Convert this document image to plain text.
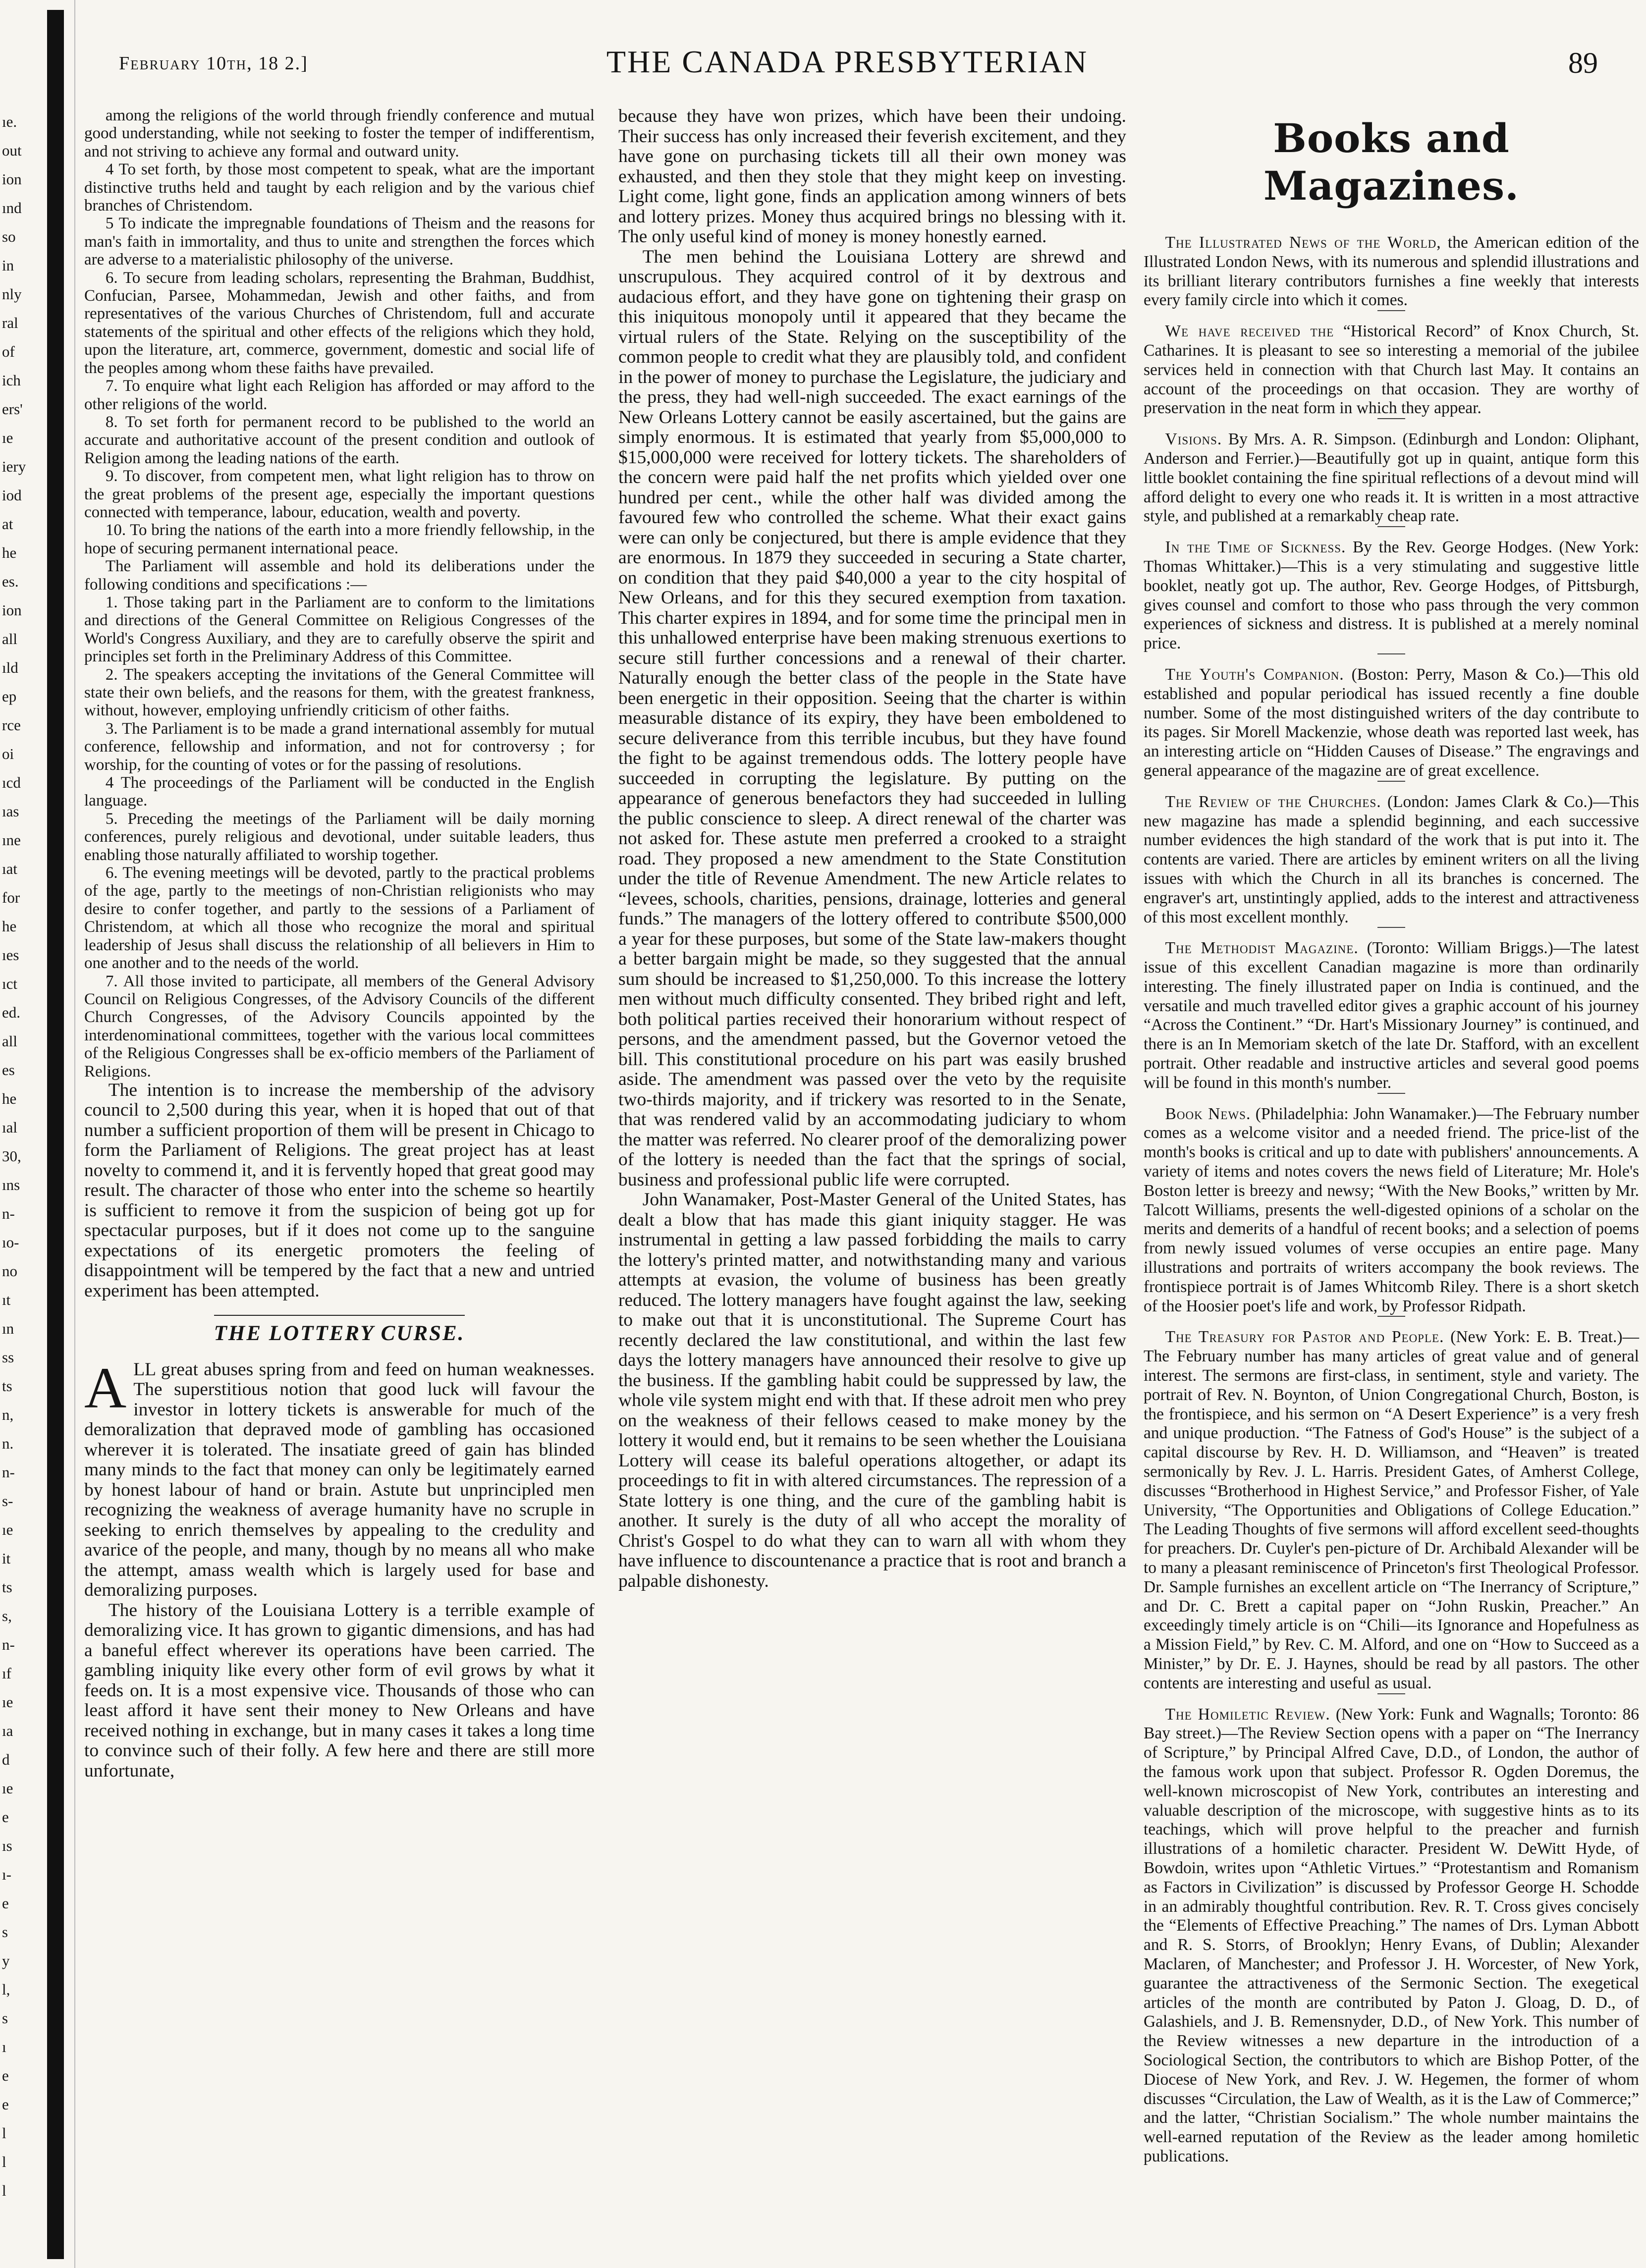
ıe.
out
ion
ınd
so
in
nly
ral
of
ich
ers'
ıe
iery
iod
at
he
es.
ion
all
ıld
ep
rce
oi
ıcd
ıas
ıne
ıat
for
he
ıes
ıct
ed.
all
es
he
ıal
30,
ıns
n-
ıo-
no
ıt
ın
ss
ts
n,
n.
n-
s-
ıe
it
ts
s,
n-
ıf
ıe
ıa
d
ıe
e
ıs
ı-
e
s
y
l,
s
ı
e
e
l
l
l
February 10th, 18 2.]	THE CANADA PRESBYTERIAN	89

among the religions of the world through friendly conference and mutual good understanding, while not seeking to foster the temper of indifferentism, and not striving to achieve any formal and outward unity.

4 To set forth, by those most competent to speak, what are the important distinctive truths held and taught by each religion and by the various chief branches of Christendom.

5 To indicate the impregnable foundations of Theism and the reasons for man's faith in immortality, and thus to unite and strengthen the forces which are adverse to a materialistic philosophy of the universe.

6. To secure from leading scholars, representing the Brahman, Buddhist, Confucian, Parsee, Mohammedan, Jewish and other faiths, and from representatives of the various Churches of Christendom, full and accurate statements of the spiritual and other effects of the religions which they hold, upon the literature, art, commerce, government, domestic and social life of the peoples among whom these faiths have prevailed.

7. To enquire what light each Religion has afforded or may afford to the other religions of the world.

8. To set forth for permanent record to be published to the world an accurate and authoritative account of the present condition and outlook of Religion among the leading nations of the earth.

9. To discover, from competent men, what light religion has to throw on the great problems of the present age, especially the important questions connected with temperance, labour, education, wealth and poverty.

10. To bring the nations of the earth into a more friendly fellowship, in the hope of securing permanent international peace.

The Parliament will assemble and hold its deliberations under the following conditions and specifications :—

1. Those taking part in the Parliament are to conform to the limitations and directions of the General Committee on Religious Congresses of the World's Congress Auxiliary, and they are to carefully observe the spirit and principles set forth in the Preliminary Address of this Committee.

2. The speakers accepting the invitations of the General Committee will state their own beliefs, and the reasons for them, with the greatest frankness, without, however, employing unfriendly criticism of other faiths.

3. The Parliament is to be made a grand international assembly for mutual conference, fellowship and information, and not for controversy ; for worship, for the counting of votes or for the passing of resolutions.

4 The proceedings of the Parliament will be conducted in the English language.

5. Preceding the meetings of the Parliament will be daily morning conferences, purely religious and devotional, under suitable leaders, thus enabling those naturally affiliated to worship together.

6. The evening meetings will be devoted, partly to the practical problems of the age, partly to the meetings of non-Christian religionists who may desire to confer together, and partly to the sessions of a Parliament of Christendom, at which all those who recognize the moral and spiritual leadership of Jesus shall discuss the relationship of all believers in Him to one another and to the needs of the world.

7. All those invited to participate, all members of the General Advisory Council on Religious Congresses, of the Advisory Councils of the different Church Congresses, of the Advisory Councils appointed by the interdenominational committees, together with the various local committees of the Religious Congresses shall be ex-officio members of the Parliament of Religions.

The intention is to increase the membership of the advisory council to 2,500 during this year, when it is hoped that out of that number a sufficient proportion of them will be present in Chicago to form the Parliament of Religions. The great project has at least novelty to commend it, and it is fervently hoped that great good may result. The character of those who enter into the scheme so heartily is sufficient to remove it from the suspicion of being got up for spectacular purposes, but if it does not come up to the sanguine expectations of its energetic promoters the feeling of disappointment will be tempered by the fact that a new and untried experiment has been attempted.

THE LOTTERY CURSE.

ALL great abuses spring from and feed on human weaknesses. The superstitious notion that good luck will favour the investor in lottery tickets is answerable for much of the demoralization that depraved mode of gambling has occasioned wherever it is tolerated. The insatiate greed of gain has blinded many minds to the fact that money can only be legitimately earned by honest labour of hand or brain. Astute but unprincipled men recognizing the weakness of average humanity have no scruple in seeking to enrich themselves by appealing to the credulity and avarice of the people, and many, though by no means all who make the attempt, amass wealth which is largely used for base and demoralizing purposes.

The history of the Louisiana Lottery is a terrible example of demoralizing vice. It has grown to gigantic dimensions, and has had a baneful effect wherever its operations have been carried. The gambling iniquity like every other form of evil grows by what it feeds on. It is a most expensive vice. Thousands of those who can least afford it have sent their money to New Orleans and have received nothing in exchange, but in many cases it takes a long time to convince such of their folly. A few here and there are still more unfortunate,

because they have won prizes, which have been their undoing. Their success has only increased their feverish excitement, and they have gone on purchasing tickets till all their own money was exhausted, and then they stole that they might keep on investing. Light come, light gone, finds an application among winners of bets and lottery prizes. Money thus acquired brings no blessing with it. The only useful kind of money is money honestly earned.

The men behind the Louisiana Lottery are shrewd and unscrupulous. They acquired control of it by dextrous and audacious effort, and they have gone on tightening their grasp on this iniquitous monopoly until it appeared that they became the virtual rulers of the State. Relying on the susceptibility of the common people to credit what they are plausibly told, and confident in the power of money to purchase the Legislature, the judiciary and the press, they had well-nigh succeeded. The exact earnings of the New Orleans Lottery cannot be easily ascertained, but the gains are simply enormous. It is estimated that yearly from $5,000,000 to $15,000,000 were received for lottery tickets. The shareholders of the concern were paid half the net profits which yielded over one hundred per cent., while the other half was divided among the favoured few who controlled the scheme. What their exact gains were can only be conjectured, but there is ample evidence that they are enormous. In 1879 they succeeded in securing a State charter, on condition that they paid $40,000 a year to the city hospital of New Orleans, and for this they secured exemption from taxation. This charter expires in 1894, and for some time the principal men in this unhallowed enterprise have been making strenuous exertions to secure still further concessions and a renewal of their charter. Naturally enough the better class of the people in the State have been energetic in their opposition. Seeing that the charter is within measurable distance of its expiry, they have been emboldened to secure deliverance from this terrible incubus, but they have found the fight to be against tremendous odds. The lottery people have succeeded in corrupting the legislature. By putting on the appearance of generous benefactors they had succeeded in lulling the public conscience to sleep. A direct renewal of the charter was not asked for. These astute men preferred a crooked to a straight road. They proposed a new amendment to the State Constitution under the title of Revenue Amendment. The new Article relates to “levees, schools, charities, pensions, drainage, lotteries and general funds.” The managers of the lottery offered to contribute $500,000 a year for these purposes, but some of the State law-makers thought a better bargain might be made, so they suggested that the annual sum should be increased to $1,250,000. To this increase the lottery men without much difficulty consented. They bribed right and left, both political parties received their honorarium without respect of persons, and the amendment passed, but the Governor vetoed the bill. This constitutional procedure on his part was easily brushed aside. The amendment was passed over the veto by the requisite two-thirds majority, and if trickery was resorted to in the Senate, that was rendered valid by an accommodating judiciary to whom the matter was referred. No clearer proof of the demoralizing power of the lottery is needed than the fact that the springs of social, business and professional public life were corrupted.

John Wanamaker, Post-Master General of the United States, has dealt a blow that has made this giant iniquity stagger. He was instrumental in getting a law passed forbidding the mails to carry the lottery's printed matter, and notwithstanding many and various attempts at evasion, the volume of business has been greatly reduced. The lottery managers have fought against the law, seeking to make out that it is unconstitutional. The Supreme Court has recently declared the law constitutional, and within the last few days the lottery managers have announced their resolve to give up the business. If the gambling habit could be suppressed by law, the whole vile system might end with that. If these adroit men who prey on the weakness of their fellows ceased to make money by the lottery it would end, but it remains to be seen whether the Louisiana Lottery will cease its baleful operations altogether, or adapt its proceedings to fit in with altered circumstances. The repression of a State lottery is one thing, and the cure of the gambling habit is another. It surely is the duty of all who accept the morality of Christ's Gospel to do what they can to warn all with whom they have influence to discountenance a practice that is root and branch a palpable dishonesty.

Books and Magazines.

The Illustrated News of the World, the American edition of the Illustrated London News, with its numerous and splendid illustrations and its brilliant literary contributors furnishes a fine weekly that interests every family circle into which it comes.

We have received the “Historical Record” of Knox Church, St. Catharines. It is pleasant to see so interesting a memorial of the jubilee services held in connection with that Church last May. It contains an account of the proceedings on that occasion. They are worthy of preservation in the neat form in which they appear.

Visions. By Mrs. A. R. Simpson. (Edinburgh and London: Oliphant, Anderson and Ferrier.)—Beautifully got up in quaint, antique form this little booklet containing the fine spiritual reflections of a devout mind will afford delight to every one who reads it. It is written in a most attractive style, and published at a remarkably cheap rate.

In the Time of Sickness. By the Rev. George Hodges. (New York: Thomas Whittaker.)—This is a very stimulating and suggestive little booklet, neatly got up. The author, Rev. George Hodges, of Pittsburgh, gives counsel and comfort to those who pass through the very common experiences of sickness and distress. It is published at a merely nominal price.

The Youth's Companion. (Boston: Perry, Mason & Co.)—This old established and popular periodical has issued recently a fine double number. Some of the most distinguished writers of the day contribute to its pages. Sir Morell Mackenzie, whose death was reported last week, has an interesting article on “Hidden Causes of Disease.” The engravings and general appearance of the magazine are of great excellence.

The Review of the Churches. (London: James Clark & Co.)—This new magazine has made a splendid beginning, and each successive number evidences the high standard of the work that is put into it. The contents are varied. There are articles by eminent writers on all the living issues with which the Church in all its branches is concerned. The engraver's art, unstintingly applied, adds to the interest and attractiveness of this most excellent monthly.

The Methodist Magazine. (Toronto: William Briggs.)—The latest issue of this excellent Canadian magazine is more than ordinarily interesting. The finely illustrated paper on India is continued, and the versatile and much travelled editor gives a graphic account of his journey “Across the Continent.” “Dr. Hart's Missionary Journey” is continued, and there is an In Memoriam sketch of the late Dr. Stafford, with an excellent portrait. Other readable and instructive articles and several good poems will be found in this month's number.

Book News. (Philadelphia: John Wanamaker.)—The February number comes as a welcome visitor and a needed friend. The price-list of the month's books is critical and up to date with publishers' announcements. A variety of items and notes covers the news field of Literature; Mr. Hole's Boston letter is breezy and newsy; “With the New Books,” written by Mr. Talcott Williams, presents the well-digested opinions of a scholar on the merits and demerits of a handful of recent books; and a selection of poems from newly issued volumes of verse occupies an entire page. Many illustrations and portraits of writers accompany the book reviews. The frontispiece portrait is of James Whitcomb Riley. There is a short sketch of the Hoosier poet's life and work, by Professor Ridpath.

The Treasury for Pastor and People. (New York: E. B. Treat.)—The February number has many articles of great value and of general interest. The sermons are first-class, in sentiment, style and variety. The portrait of Rev. N. Boynton, of Union Congregational Church, Boston, is the frontispiece, and his sermon on “A Desert Experience” is a very fresh and unique production. “The Fatness of God's House” is the subject of a capital discourse by Rev. H. D. Williamson, and “Heaven” is treated sermonically by Rev. J. L. Harris. President Gates, of Amherst College, discusses “Brotherhood in Highest Service,” and Professor Fisher, of Yale University, “The Opportunities and Obligations of College Education.” The Leading Thoughts of five sermons will afford excellent seed-thoughts for preachers. Dr. Cuyler's pen-picture of Dr. Archibald Alexander will be to many a pleasant reminiscence of Princeton's first Theological Professor. Dr. Sample furnishes an excellent article on “The Inerrancy of Scripture,” and Dr. C. Brett a capital paper on “John Ruskin, Preacher.” An exceedingly timely article is on “Chili—its Ignorance and Hopefulness as a Mission Field,” by Rev. C. M. Alford, and one on “How to Succeed as a Minister,” by Dr. E. J. Haynes, should be read by all pastors. The other contents are interesting and useful as usual.

The Homiletic Review. (New York: Funk and Wagnalls; Toronto: 86 Bay street.)—The Review Section opens with a paper on “The Inerrancy of Scripture,” by Principal Alfred Cave, D.D., of London, the author of the famous work upon that subject. Professor R. Ogden Doremus, the well-known microscopist of New York, contributes an interesting and valuable description of the microscope, with suggestive hints as to its teachings, which will prove helpful to the preacher and furnish illustrations of a homiletic character. President W. DeWitt Hyde, of Bowdoin, writes upon “Athletic Virtues.” “Protestantism and Romanism as Factors in Civilization” is discussed by Professor George H. Schodde in an admirably thoughtful contribution. Rev. R. T. Cross gives concisely the “Elements of Effective Preaching.” The names of Drs. Lyman Abbott and R. S. Storrs, of Brooklyn; Henry Evans, of Dublin; Alexander Maclaren, of Manchester; and Professor J. H. Worcester, of New York, guarantee the attractiveness of the Sermonic Section. The exegetical articles of the month are contributed by Paton J. Gloag, D. D., of Galashiels, and J. B. Remensnyder, D.D., of New York. This number of the Review witnesses a new departure in the introduction of a Sociological Section, the contributors to which are Bishop Potter, of the Diocese of New York, and Rev. J. W. Hegemen, the former of whom discusses “Circulation, the Law of Wealth, as it is the Law of Commerce;” and the latter, “Christian Socialism.” The whole number maintains the well-earned reputation of the Review as the leader among homiletic publications.
